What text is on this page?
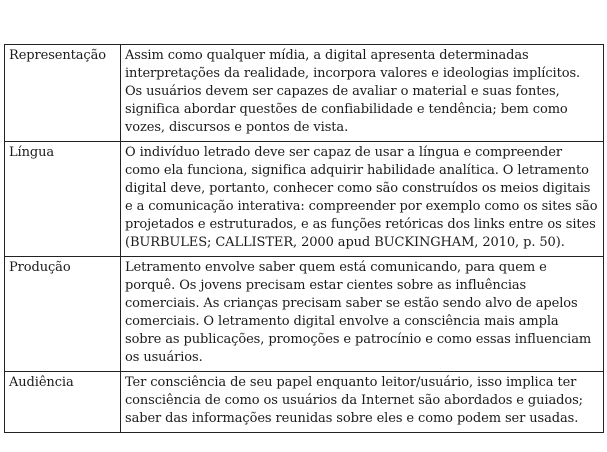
Representação	Assim como qualquer mídia, a digital apresenta determinadas interpretações da realidade, incorpora valores e ideologias implícitos. Os usuários devem ser capazes de avaliar o material e suas fontes, significa abordar questões de confiabilidade e tendência; bem como vozes, discursos e pontos de vista.
Língua	O indivíduo letrado deve ser capaz de usar a língua e compreender como ela funciona, significa adquirir habilidade analítica. O letramento digital deve, portanto, conhecer como são construídos os meios digitais e a comunicação interativa: compreender por exemplo como os sites são projetados e estruturados, e as funções retóricas dos links entre os sites (BURBULES; CALLISTER, 2000 apud BUCKINGHAM, 2010, p. 50).
Produção	Letramento envolve saber quem está comunicando, para quem e porquê. Os jovens precisam estar cientes sobre as influências comerciais. As crianças precisam saber se estão sendo alvo de apelos comerciais. O letramento digital envolve a consciência mais ampla sobre as publicações, promoções e patrocínio e como essas influenciam os usuários.
Audiência	Ter consciência de seu papel enquanto leitor/usuário, isso implica ter consciência de como os usuários da Internet são abordados e guiados; saber das informações reunidas sobre eles e como podem ser usadas.
